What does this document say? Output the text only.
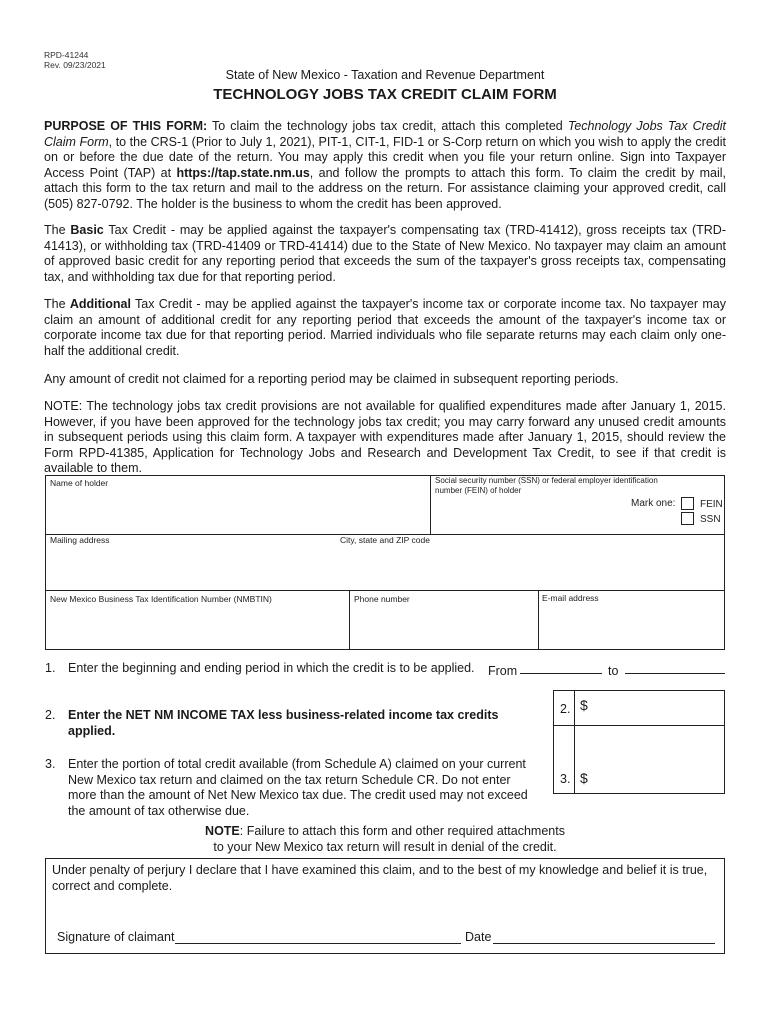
RPD-41244
Rev. 09/23/2021
State of New Mexico - Taxation and Revenue Department
TECHNOLOGY JOBS TAX CREDIT CLAIM FORM
PURPOSE OF THIS FORM: To claim the technology jobs tax credit, attach this completed Technology Jobs Tax Credit Claim Form, to the CRS-1 (Prior to July 1, 2021), PIT-1, CIT-1, FID-1 or S-Corp return on which you wish to apply the credit on or before the due date of the return. You may apply this credit when you file your return online. Sign into Taxpayer Access Point (TAP) at https://tap.state.nm.us, and follow the prompts to attach this form. To claim the credit by mail, attach this form to the tax return and mail to the address on the return. For assistance claiming your approved credit, call (505) 827-0792. The holder is the business to whom the credit has been approved.
The Basic Tax Credit - may be applied against the taxpayer's compensating tax (TRD-41412), gross receipts tax (TRD-41413), or withholding tax (TRD-41409 or TRD-41414) due to the State of New Mexico. No taxpayer may claim an amount of approved basic credit for any reporting period that exceeds the sum of the taxpayer's gross receipts tax, compensating tax, and withholding tax due for that reporting period.
The Additional Tax Credit - may be applied against the taxpayer's income tax or corporate income tax. No taxpayer may claim an amount of additional credit for any reporting period that exceeds the amount of the taxpayer's income tax or corporate income tax due for that reporting period. Married individuals who file separate returns may each claim only one-half the additional credit.
Any amount of credit not claimed for a reporting period may be claimed in subsequent reporting periods.
NOTE: The technology jobs tax credit provisions are not available for qualified expenditures made after January 1, 2015. However, if you have been approved for the technology jobs tax credit; you may carry forward any unused credit amounts in subsequent periods using this claim form. A taxpayer with expenditures made after January 1, 2015, should review the Form RPD-41385, Application for Technology Jobs and Research and Development Tax Credit, to see if that credit is available to them.
Name of holder	Social security number (SSN) or federal employer identification number (FEIN) of holder
Mark one: FEIN
SSN
Mailing address	City, state and ZIP code
New Mexico Business Tax Identification Number (NMBTIN)	Phone number	E-mail address
1. Enter the beginning and ending period in which the credit is to be applied. From	to
2. $
3. $
2. Enter the NET NM INCOME TAX less business-related income tax credits applied.
3. Enter the portion of total credit available (from Schedule A) claimed on your current New Mexico tax return and claimed on the tax return Schedule CR. Do not enter more than the amount of Net New Mexico tax due. The credit used may not exceed the amount of tax otherwise due.
NOTE: Failure to attach this form and other required attachments
to your New Mexico tax return will result in denial of the credit.
Under penalty of perjury I declare that I have examined this claim, and to the best of my knowledge and belief it is true, correct and complete.
Signature of claimant	Date
